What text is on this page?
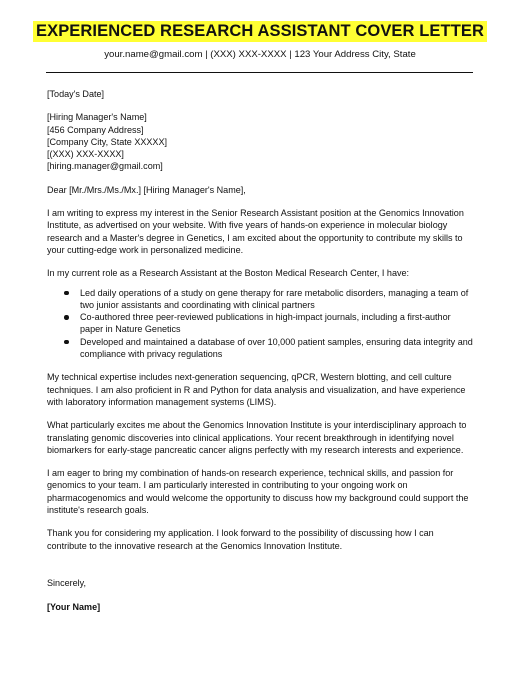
EXPERIENCED RESEARCH ASSISTANT COVER LETTER
your.name@gmail.com | (XXX) XXX-XXXX | 123 Your Address City, State

[Today's Date]

[Hiring Manager's Name]

[456 Company Address]

[Company City, State XXXXX]

[(XXX) XXX-XXXX]

[hiring.manager@gmail.com]

Dear [Mr./Mrs./Ms./Mx.] [Hiring Manager's Name],

I am writing to express my interest in the Senior Research Assistant position at the Genomics Innovation Institute, as advertised on your website. With five years of hands-on experience in molecular biology research and a Master's degree in Genetics, I am excited about the opportunity to contribute my skills to your cutting-edge work in personalized medicine.

In my current role as a Research Assistant at the Boston Medical Research Center, I have:

Led daily operations of a study on gene therapy for rare metabolic disorders, managing a team of two junior assistants and coordinating with clinical partners
Co-authored three peer-reviewed publications in high-impact journals, including a first-author paper in Nature Genetics
Developed and maintained a database of over 10,000 patient samples, ensuring data integrity and compliance with privacy regulations

My technical expertise includes next-generation sequencing, qPCR, Western blotting, and cell culture techniques. I am also proficient in R and Python for data analysis and visualization, and have experience with laboratory information management systems (LIMS).

What particularly excites me about the Genomics Innovation Institute is your interdisciplinary approach to translating genomic discoveries into clinical applications. Your recent breakthrough in identifying novel biomarkers for early-stage pancreatic cancer aligns perfectly with my research interests and experience.

I am eager to bring my combination of hands-on research experience, technical skills, and passion for genomics to your team. I am particularly interested in contributing to your ongoing work on pharmacogenomics and would welcome the opportunity to discuss how my background could support the institute's research goals.

Thank you for considering my application. I look forward to the possibility of discussing how I can contribute to the innovative research at the Genomics Innovation Institute.

Sincerely,

[Your Name]
